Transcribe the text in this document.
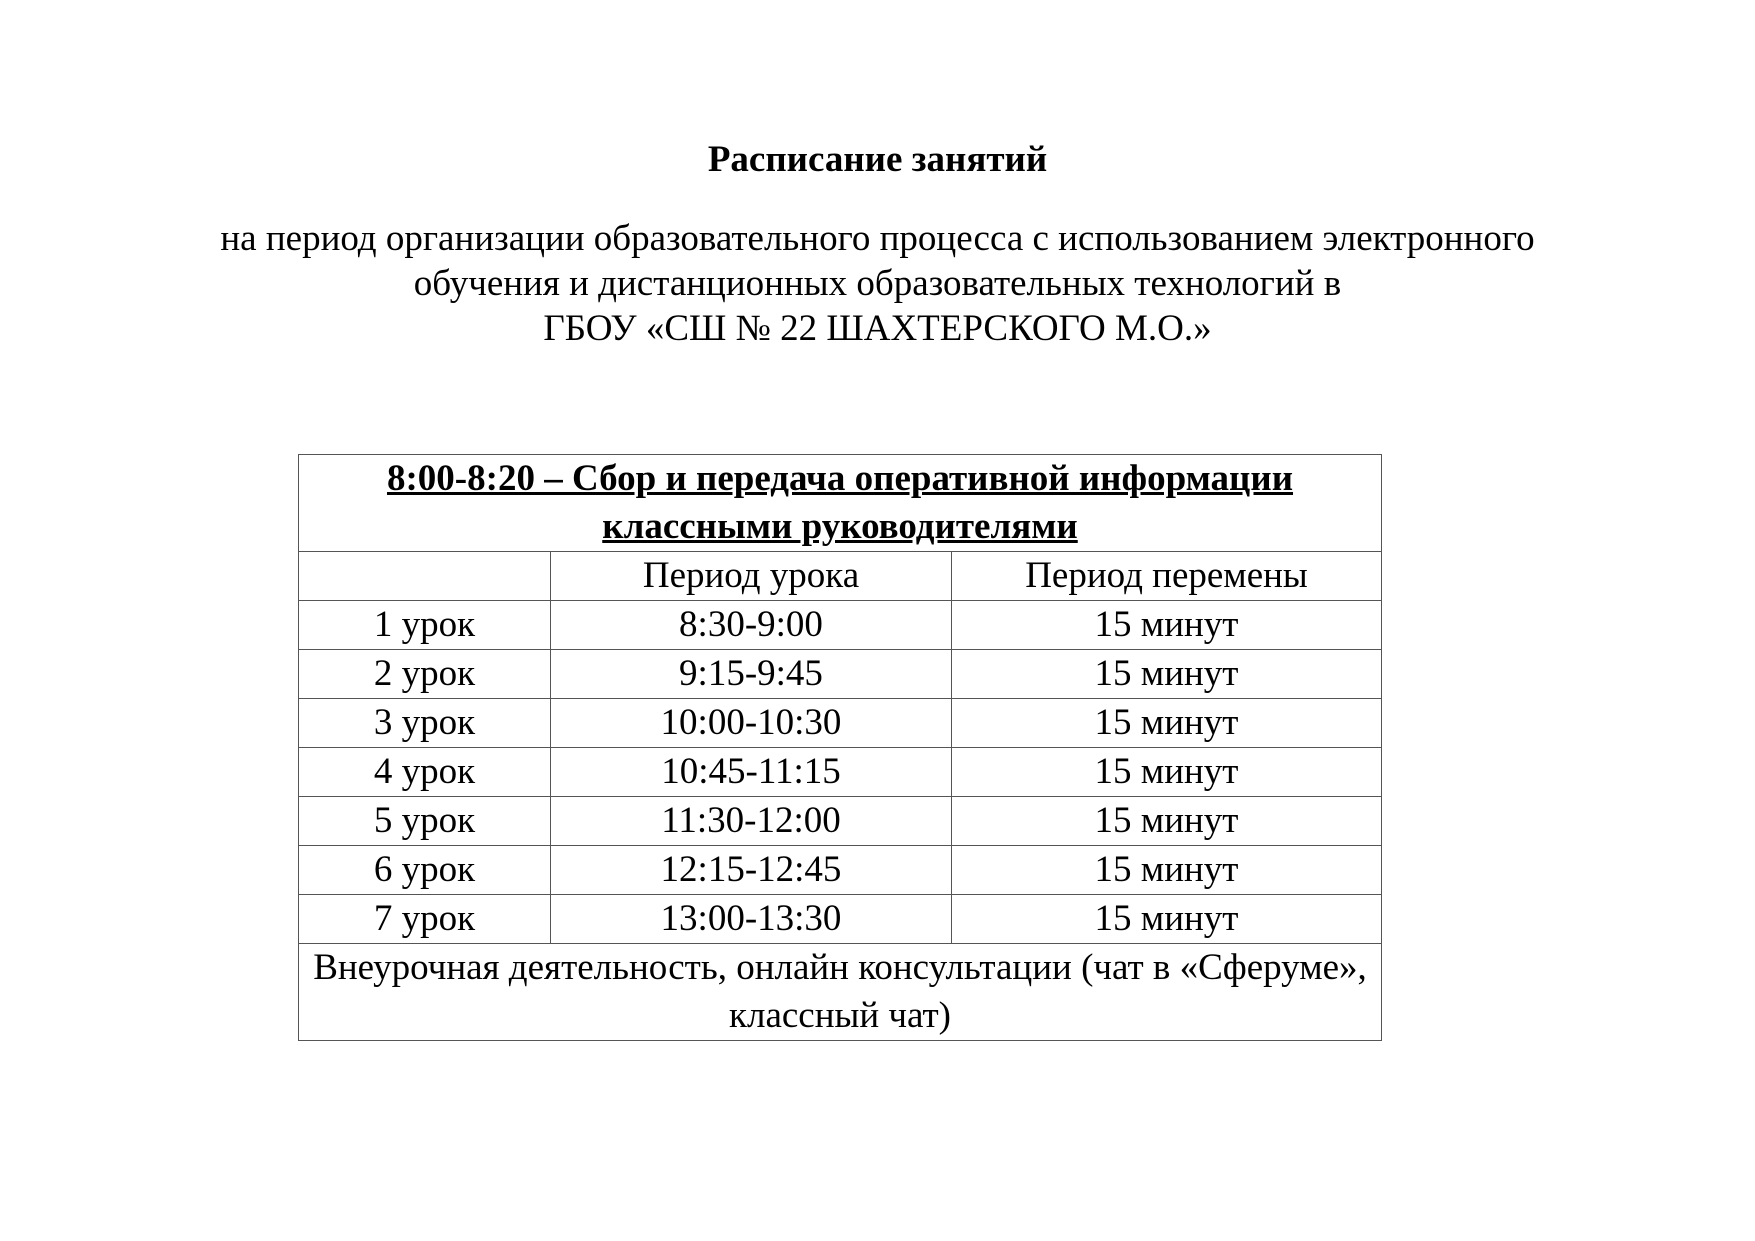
Расписание занятий
на период организации образовательного процесса с использованием электронного
обучения и дистанционных образовательных технологий в
ГБОУ «СШ № 22 ШАХТЕРСКОГО М.О.»
8:00-8:20 – Сбор и передача оперативной информации классными руководителями		
	Период урока	Период перемены
1 урок	8:30-9:00	15 минут
2 урок	9:15-9:45	15 минут
3 урок	10:00-10:30	15 минут
4 урок	10:45-11:15	15 минут
5 урок	11:30-12:00	15 минут
6 урок	12:15-12:45	15 минут
7 урок	13:00-13:30	15 минут
Внеурочная деятельность, онлайн консультации (чат в «Сферуме», классный чат)		
